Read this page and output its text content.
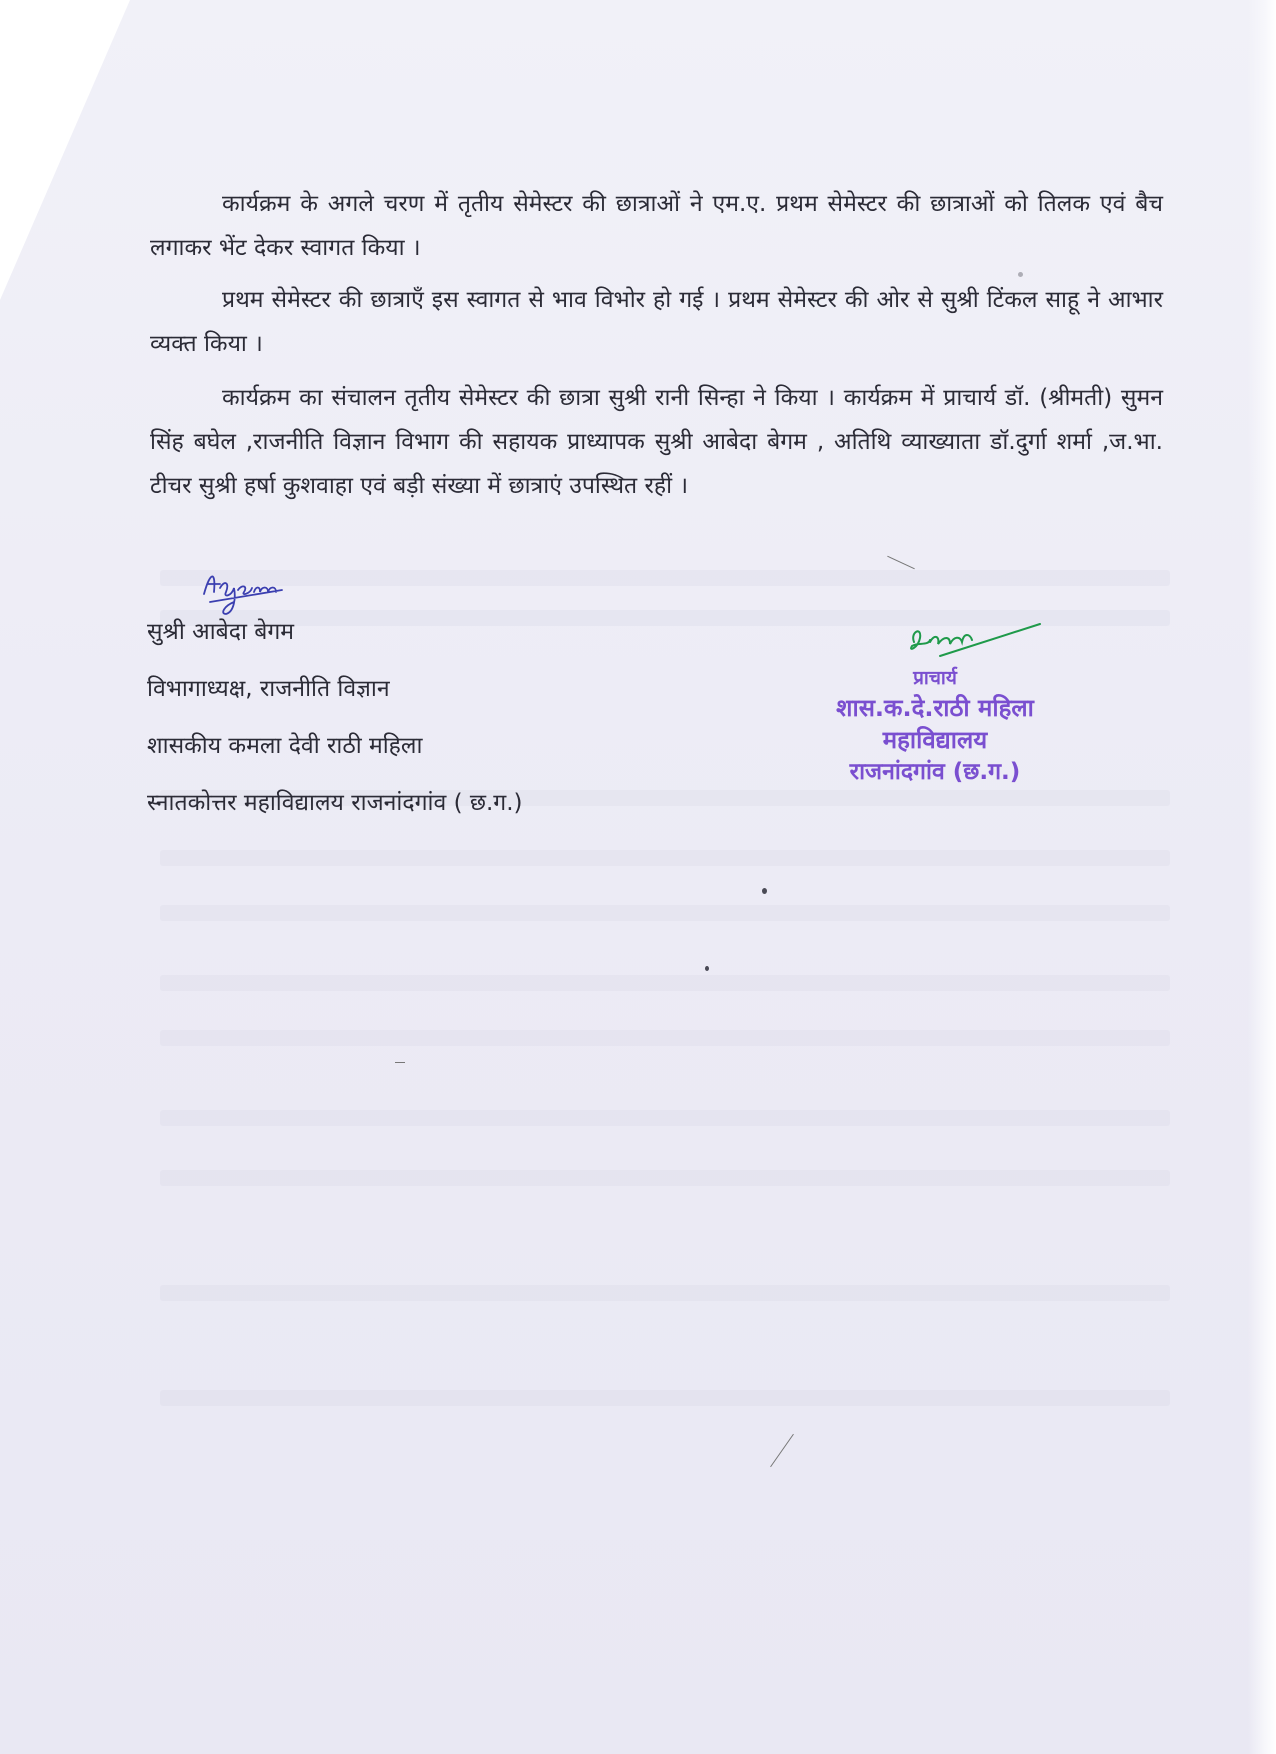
कार्यक्रम के अगले चरण में तृतीय सेमेस्टर की छात्राओं ने एम.ए. प्रथम सेमेस्टर की छात्राओं को तिलक एवं बैच लगाकर भेंट देकर स्वागत किया ।

प्रथम सेमेस्टर की छात्राएँ इस स्वागत से भाव विभोर हो गई । प्रथम सेमेस्टर की ओर से सुश्री टिंकल साहू ने आभार व्यक्त किया ।

कार्यक्रम का संचालन तृतीय सेमेस्टर की छात्रा सुश्री रानी सिन्हा ने किया । कार्यक्रम में प्राचार्य डॉ. (श्रीमती) सुमन सिंह बघेल ,राजनीति विज्ञान विभाग की सहायक प्राध्यापक सुश्री आबेदा बेगम , अतिथि व्याख्याता डॉ.दुर्गा शर्मा ,ज.भा. टीचर सुश्री हर्षा कुशवाहा एवं बड़ी संख्या में छात्राएं उपस्थित रहीं ।

सुश्री आबेदा बेगम
विभागाध्यक्ष, राजनीति विज्ञान
शासकीय कमला देवी राठी महिला
स्नातकोत्तर महाविद्यालय राजनांदगांव ( छ.ग.)
प्राचार्य
शास.क.दे.राठी महिला महाविद्यालय
राजनांदगांव (छ.ग.)
